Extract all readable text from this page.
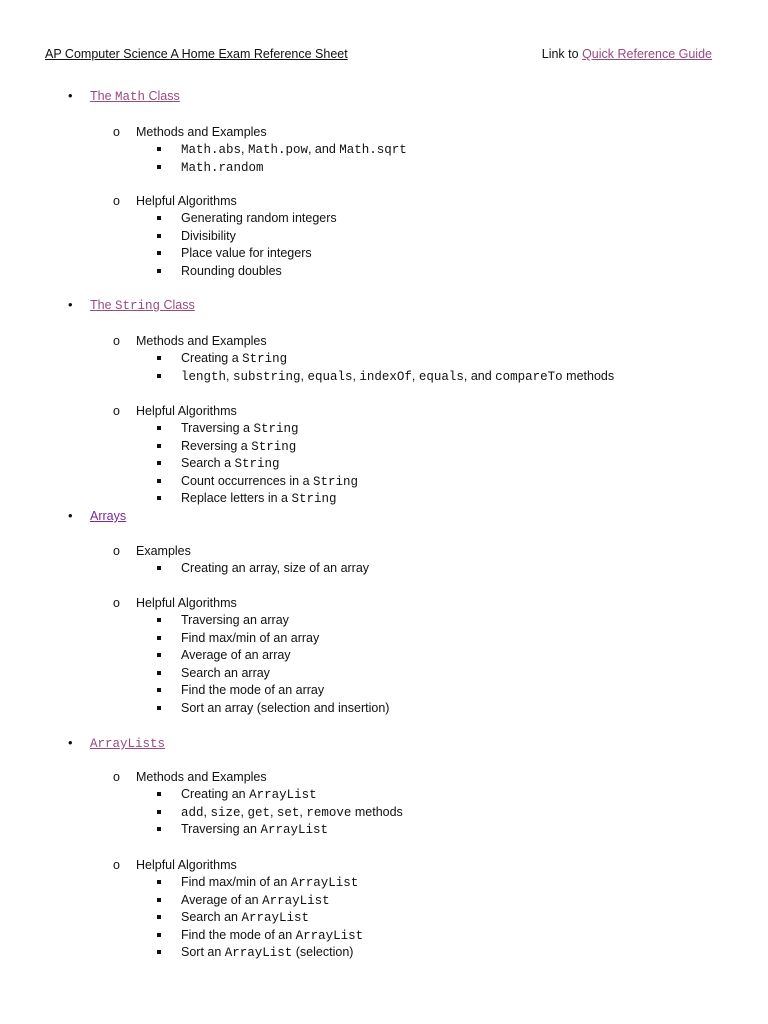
AP Computer Science A Home Exam Reference Sheet	Link to Quick Reference Guide
• The Math Class
o Methods and Examples
Math.abs, Math.pow, and Math.sqrt
Math.random
o Helpful Algorithms
Generating random integers
Divisibility
Place value for integers
Rounding doubles
• The String Class
o Methods and Examples
Creating a String
length, substring, equals, indexOf, equals, and compareTo methods
o Helpful Algorithms
Traversing a String
Reversing a String
Search a String
Count occurrences in a String
Replace letters in a String
• Arrays
o Examples
Creating an array, size of an array
o Helpful Algorithms
Traversing an array
Find max/min of an array
Average of an array
Search an array
Find the mode of an array
Sort an array (selection and insertion)
• ArrayLists
o Methods and Examples
Creating an ArrayList
add, size, get, set, remove methods
Traversing an ArrayList
o Helpful Algorithms
Find max/min of an ArrayList
Average of an ArrayList
Search an ArrayList
Find the mode of an ArrayList
Sort an ArrayList (selection)
